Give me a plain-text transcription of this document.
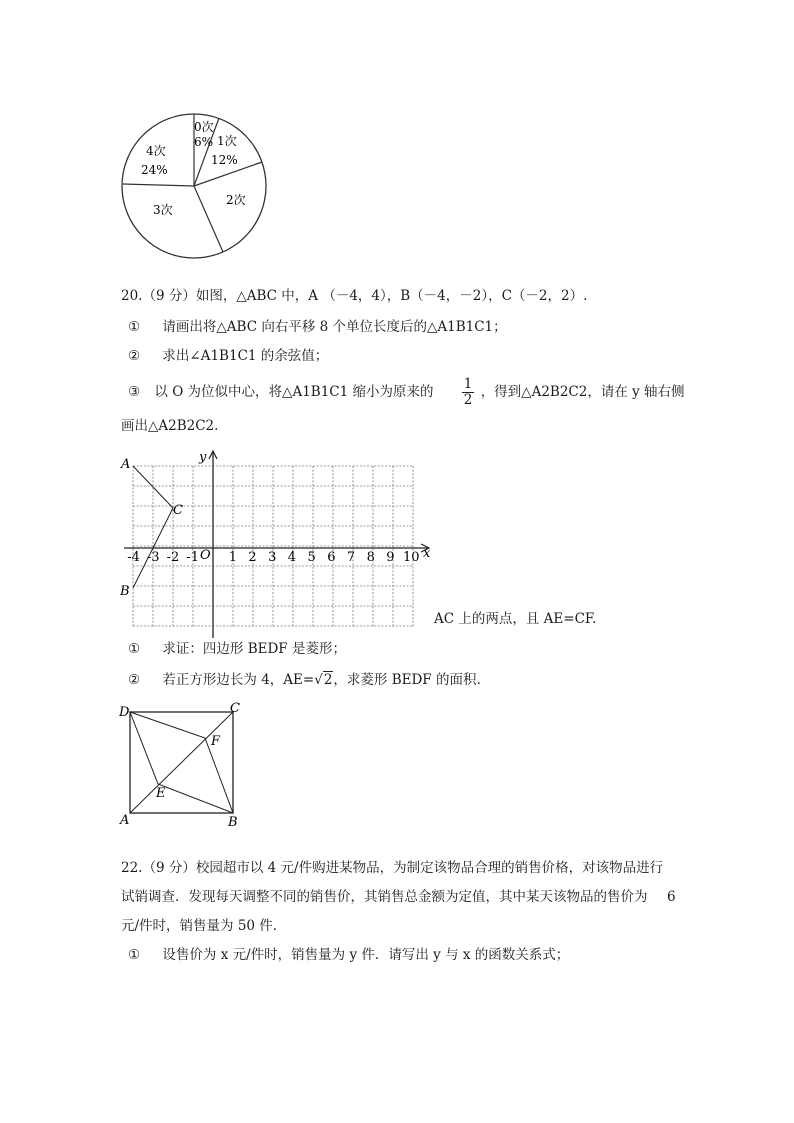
0次
6% 1次
12%
2次
3次
4次
24%
20.（9 分）如图，△ABC 中，A （－4，4），B（－4，－2），C（－2，2）.
① 请画出将△ABC 向右平移 8 个单位长度后的△A1B1C1；
② 求出∠A1B1C1 的余弦值；
③ 以 O 为位似中心，将△A1B1C1 缩小为原来的 $\frac{1}{2}$ ，得到△A2B2C2，请在 y 轴右侧
画出△A2B2C2.
x
y
O
A
B
C
-4 -3 -2 -1 1 2 3 4 5 6 7 8 9 10
AC 上的两点，且 AE=CF.
① 求证：四边形 BEDF 是菱形；
② 若正方形边长为 4，AE=√2，求菱形 BEDF 的面积.
D	C
A	B
F
E
22.（9 分）校园超市以 4 元/件购进某物品，为制定该物品合理的销售价格，对该物品进行
试销调查．发现每天调整不同的销售价，其销售总金额为定值，其中某天该物品的售价为 6
元/件时，销售量为 50 件．
① 设售价为 x 元/件时，销售量为 y 件．请写出 y 与 x 的函数关系式；
